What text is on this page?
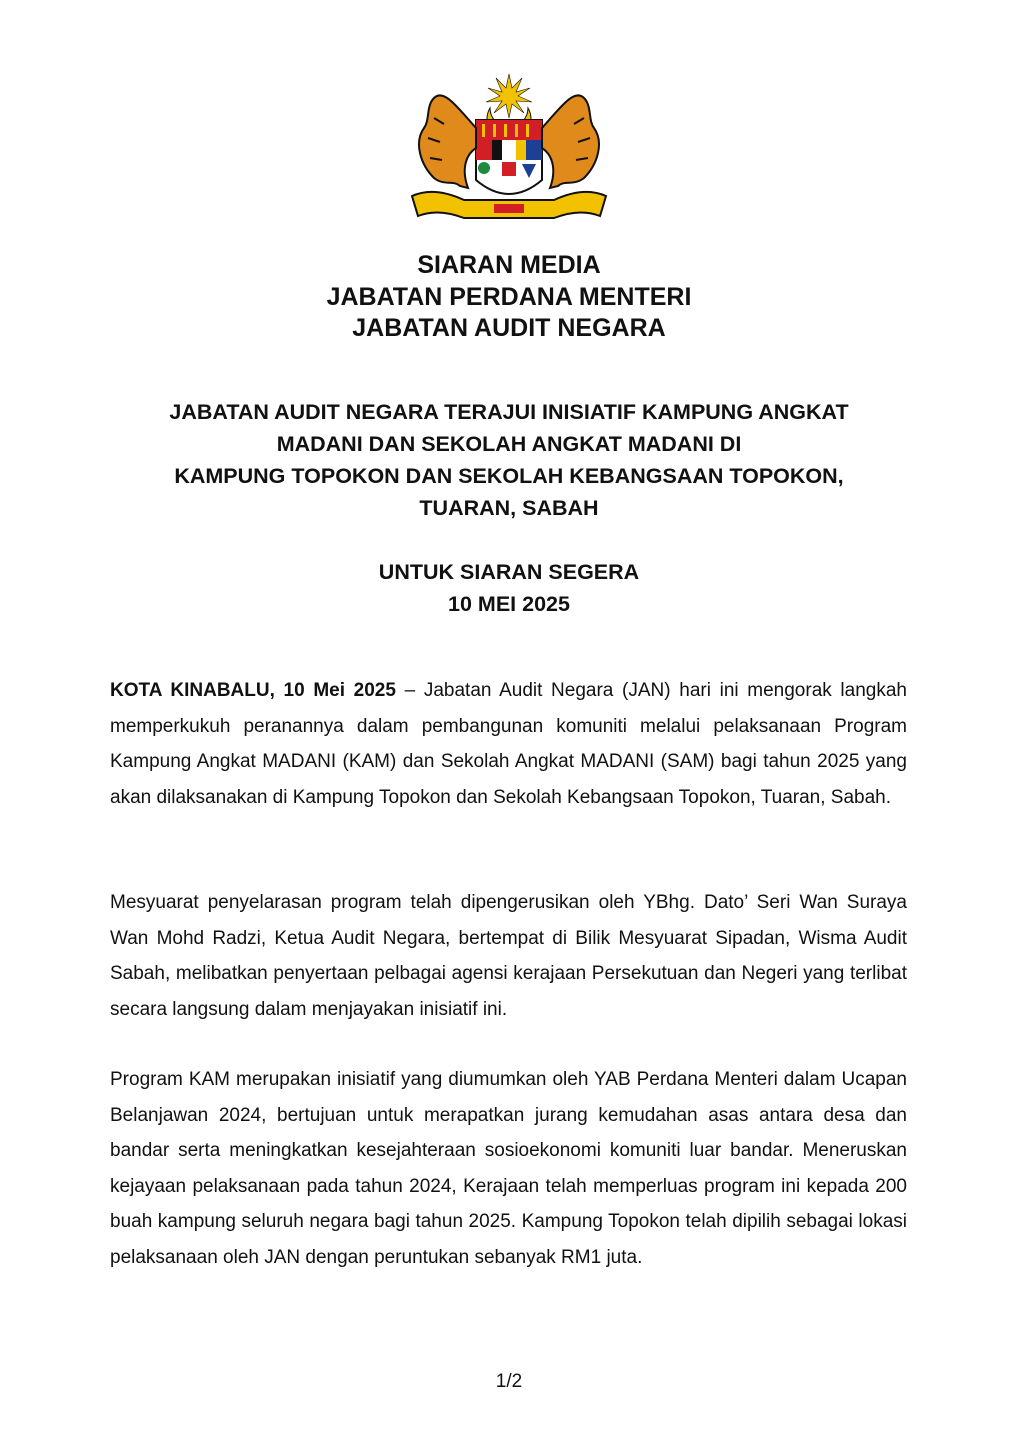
SIARAN MEDIA
JABATAN PERDANA MENTERI
JABATAN AUDIT NEGARA
JABATAN AUDIT NEGARA TERAJUI INISIATIF KAMPUNG ANGKAT
MADANI DAN SEKOLAH ANGKAT MADANI DI
KAMPUNG TOPOKON DAN SEKOLAH KEBANGSAAN TOPOKON,
TUARAN, SABAH
UNTUK SIARAN SEGERA
10 MEI 2025

KOTA KINABALU, 10 Mei 2025 – Jabatan Audit Negara (JAN) hari ini mengorak langkah memperkukuh peranannya dalam pembangunan komuniti melalui pelaksanaan Program Kampung Angkat MADANI (KAM) dan Sekolah Angkat MADANI (SAM) bagi tahun 2025 yang akan dilaksanakan di Kampung Topokon dan Sekolah Kebangsaan Topokon, Tuaran, Sabah.

Mesyuarat penyelarasan program telah dipengerusikan oleh YBhg. Dato’ Seri Wan Suraya Wan Mohd Radzi, Ketua Audit Negara, bertempat di Bilik Mesyuarat Sipadan, Wisma Audit Sabah, melibatkan penyertaan pelbagai agensi kerajaan Persekutuan dan Negeri yang terlibat secara langsung dalam menjayakan inisiatif ini.

Program KAM merupakan inisiatif yang diumumkan oleh YAB Perdana Menteri dalam Ucapan Belanjawan 2024, bertujuan untuk merapatkan jurang kemudahan asas antara desa dan bandar serta meningkatkan kesejahteraan sosioekonomi komuniti luar bandar. Meneruskan kejayaan pelaksanaan pada tahun 2024, Kerajaan telah memperluas program ini kepada 200 buah kampung seluruh negara bagi tahun 2025. Kampung Topokon telah dipilih sebagai lokasi pelaksanaan oleh JAN dengan peruntukan sebanyak RM1 juta.

1/2
